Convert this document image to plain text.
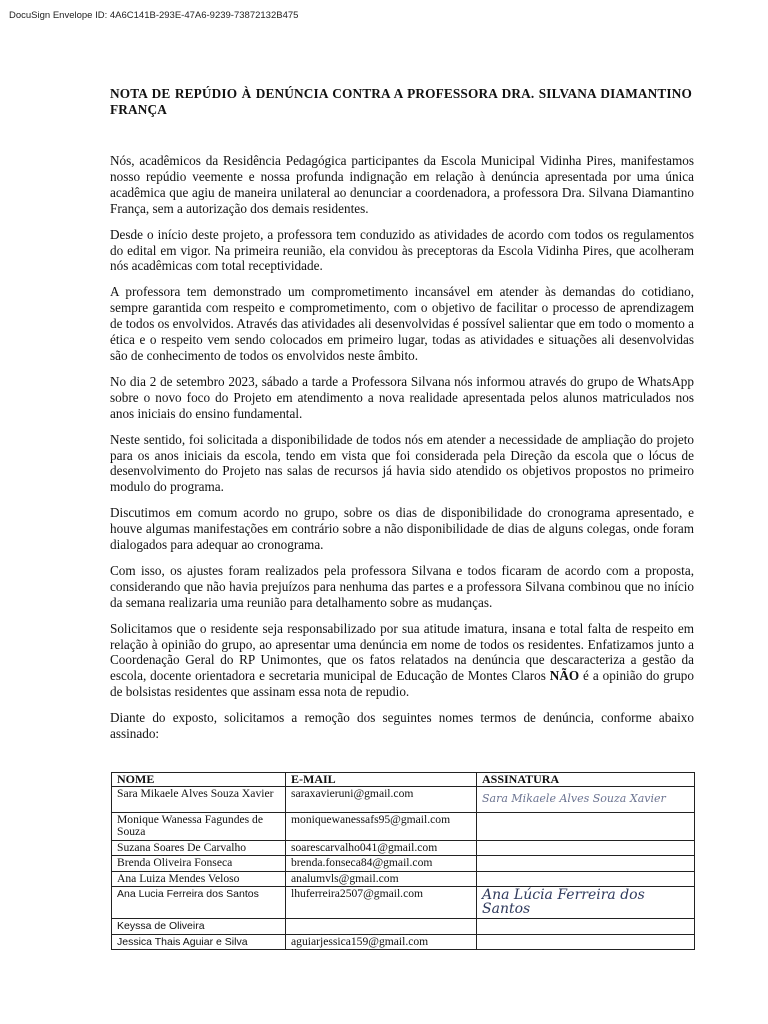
DocuSign Envelope ID: 4A6C141B-293E-47A6-9239-73872132B475
NOTA DE REPÚDIO À DENÚNCIA CONTRA A PROFESSORA DRA. SILVANA DIAMANTINO FRANÇA

Nós, acadêmicos da Residência Pedagógica participantes da Escola Municipal Vidinha Pires, manifestamos nosso repúdio veemente e nossa profunda indignação em relação à denúncia apresentada por uma única acadêmica que agiu de maneira unilateral ao denunciar a coordenadora, a professora Dra. Silvana Diamantino França, sem a autorização dos demais residentes.

Desde o início deste projeto, a professora tem conduzido as atividades de acordo com todos os regulamentos do edital em vigor. Na primeira reunião, ela convidou às preceptoras da Escola Vidinha Pires, que acolheram nós acadêmicas com total receptividade.

A professora tem demonstrado um comprometimento incansável em atender às demandas do cotidiano, sempre garantida com respeito e comprometimento, com o objetivo de facilitar o processo de aprendizagem de todos os envolvidos. Através das atividades ali desenvolvidas é possível salientar que em todo o momento a ética e o respeito vem sendo colocados em primeiro lugar, todas as atividades e situações ali desenvolvidas são de conhecimento de todos os envolvidos neste âmbito.

No dia 2 de setembro 2023, sábado a tarde a Professora Silvana nós informou através do grupo de WhatsApp sobre o novo foco do Projeto em atendimento a nova realidade apresentada pelos alunos matriculados nos anos iniciais do ensino fundamental.

Neste sentido, foi solicitada a disponibilidade de todos nós em atender a necessidade de ampliação do projeto para os anos iniciais da escola, tendo em vista que foi considerada pela Direção da escola que o lócus de desenvolvimento do Projeto nas salas de recursos já havia sido atendido os objetivos propostos no primeiro modulo do programa.

Discutimos em comum acordo no grupo, sobre os dias de disponibilidade do cronograma apresentado, e houve algumas manifestações em contrário sobre a não disponibilidade de dias de alguns colegas, onde foram dialogados para adequar ao cronograma.

Com isso, os ajustes foram realizados pela professora Silvana e todos ficaram de acordo com a proposta, considerando que não havia prejuízos para nenhuma das partes e a professora Silvana combinou que no início da semana realizaria uma reunião para detalhamento sobre as mudanças.

Solicitamos que o residente seja responsabilizado por sua atitude imatura, insana e total falta de respeito em relação à opinião do grupo, ao apresentar uma denúncia em nome de todos os residentes. Enfatizamos junto a Coordenação Geral do RP Unimontes, que os fatos relatados na denúncia que descaracteriza a gestão da escola, docente orientadora e secretaria municipal de Educação de Montes Claros NÃO é a opinião do grupo de bolsistas residentes que assinam essa nota de repudio.

Diante do exposto, solicitamos a remoção dos seguintes nomes termos de denúncia, conforme abaixo assinado:

NOME	E-MAIL	ASSINATURA
Sara Mikaele Alves Souza Xavier	saraxavieruni@gmail.com	Sara Mikaele Alves Souza Xavier
Monique Wanessa Fagundes de Souza	moniquewanessafs95@gmail.com	
Suzana Soares De Carvalho	soarescarvalho041@gmail.com	
Brenda Oliveira Fonseca	brenda.fonseca84@gmail.com	
Ana Luiza Mendes Veloso	analumvls@gmail.com	
Ana Lucia Ferreira dos Santos	lhuferreira2507@gmail.com	Ana Lúcia Ferreira dos Santos
Keyssa de Oliveira		
Jessica Thais Aguiar e Silva	aguiarjessica159@gmail.com	
